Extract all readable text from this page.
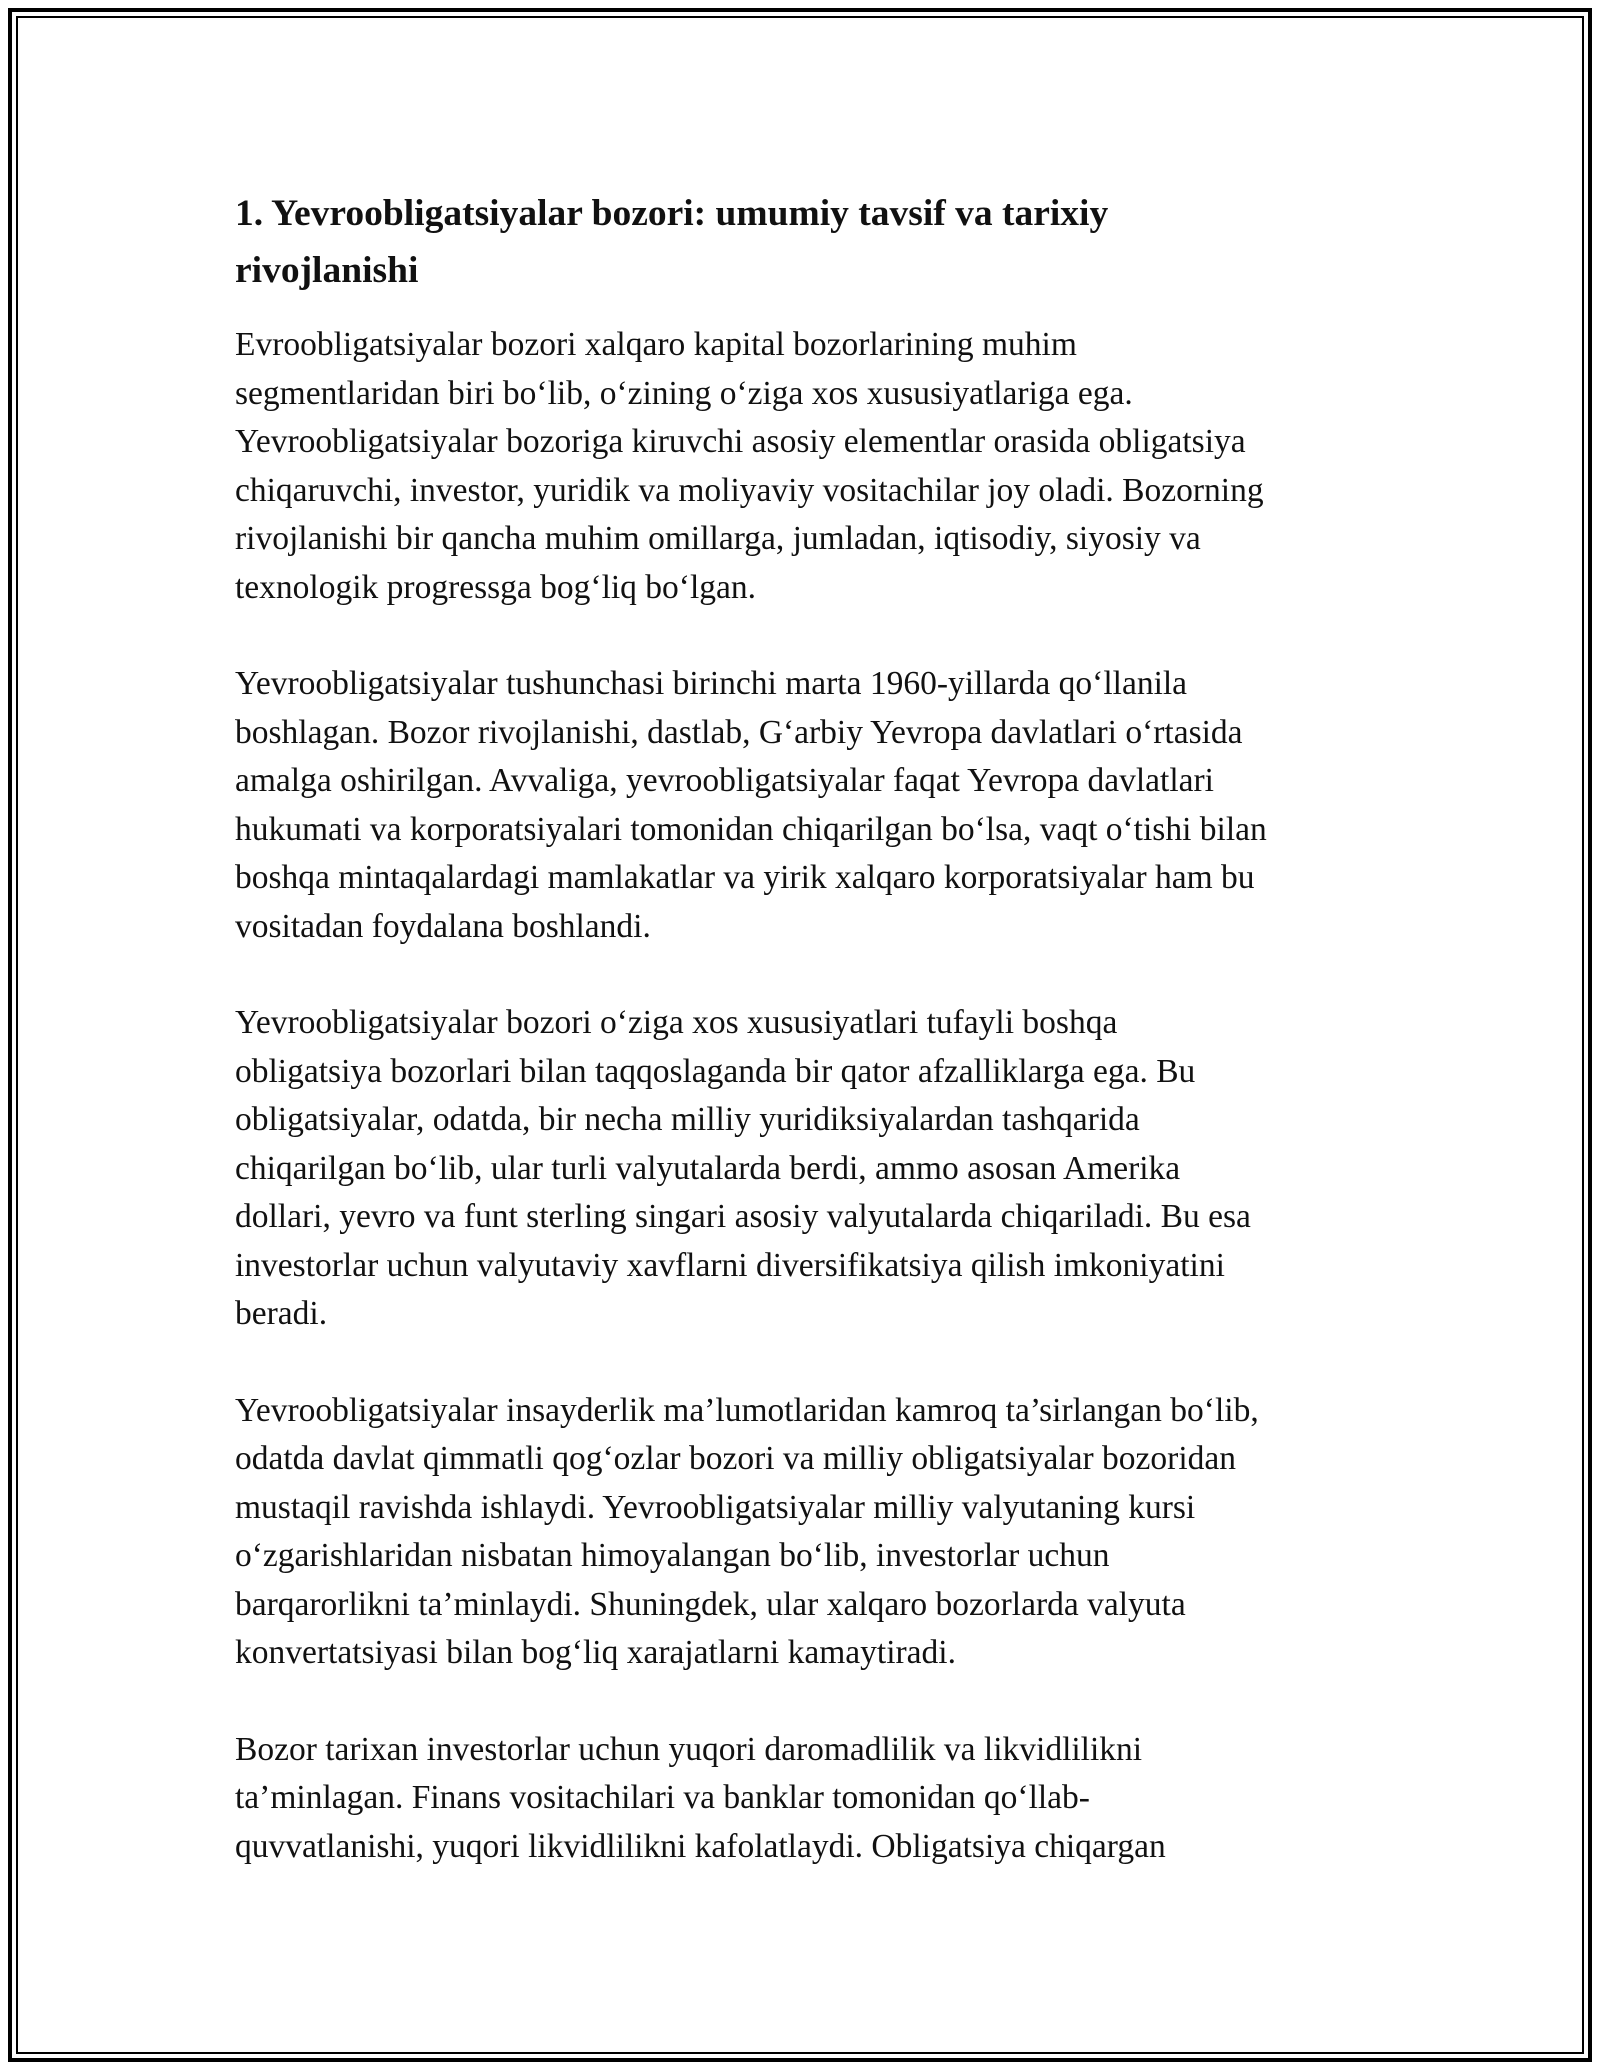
1. Yevroobligatsiyalar bozori: umumiy tavsif va tarixiy
rivojlanishi

Evroobligatsiyalar bozori xalqaro kapital bozorlarining muhim
segmentlaridan biri bo‘lib, o‘zining o‘ziga xos xususiyatlariga ega.
Yevroobligatsiyalar bozoriga kiruvchi asosiy elementlar orasida obligatsiya
chiqaruvchi, investor, yuridik va moliyaviy vositachilar joy oladi. Bozorning
rivojlanishi bir qancha muhim omillarga, jumladan, iqtisodiy, siyosiy va
texnologik progressga bog‘liq bo‘lgan.

Yevroobligatsiyalar tushunchasi birinchi marta 1960-yillarda qo‘llanila
boshlagan. Bozor rivojlanishi, dastlab, G‘arbiy Yevropa davlatlari o‘rtasida
amalga oshirilgan. Avvaliga, yevroobligatsiyalar faqat Yevropa davlatlari
hukumati va korporatsiyalari tomonidan chiqarilgan bo‘lsa, vaqt o‘tishi bilan
boshqa mintaqalardagi mamlakatlar va yirik xalqaro korporatsiyalar ham bu
vositadan foydalana boshlandi.

Yevroobligatsiyalar bozori o‘ziga xos xususiyatlari tufayli boshqa
obligatsiya bozorlari bilan taqqoslaganda bir qator afzalliklarga ega. Bu
obligatsiyalar, odatda, bir necha milliy yuridiksiyalardan tashqarida
chiqarilgan bo‘lib, ular turli valyutalarda berdi, ammo asosan Amerika
dollari, yevro va funt sterling singari asosiy valyutalarda chiqariladi. Bu esa
investorlar uchun valyutaviy xavflarni diversifikatsiya qilish imkoniyatini
beradi.

Yevroobligatsiyalar insayderlik ma’lumotlaridan kamroq ta’sirlangan bo‘lib,
odatda davlat qimmatli qog‘ozlar bozori va milliy obligatsiyalar bozoridan
mustaqil ravishda ishlaydi. Yevroobligatsiyalar milliy valyutaning kursi
o‘zgarishlaridan nisbatan himoyalangan bo‘lib, investorlar uchun
barqarorlikni ta’minlaydi. Shuningdek, ular xalqaro bozorlarda valyuta
konvertatsiyasi bilan bog‘liq xarajatlarni kamaytiradi.

Bozor tarixan investorlar uchun yuqori daromadlilik va likvidlilikni
ta’minlagan. Finans vositachilari va banklar tomonidan qo‘llab-
quvvatlanishi, yuqori likvidlilikni kafolatlaydi. Obligatsiya chiqargan
